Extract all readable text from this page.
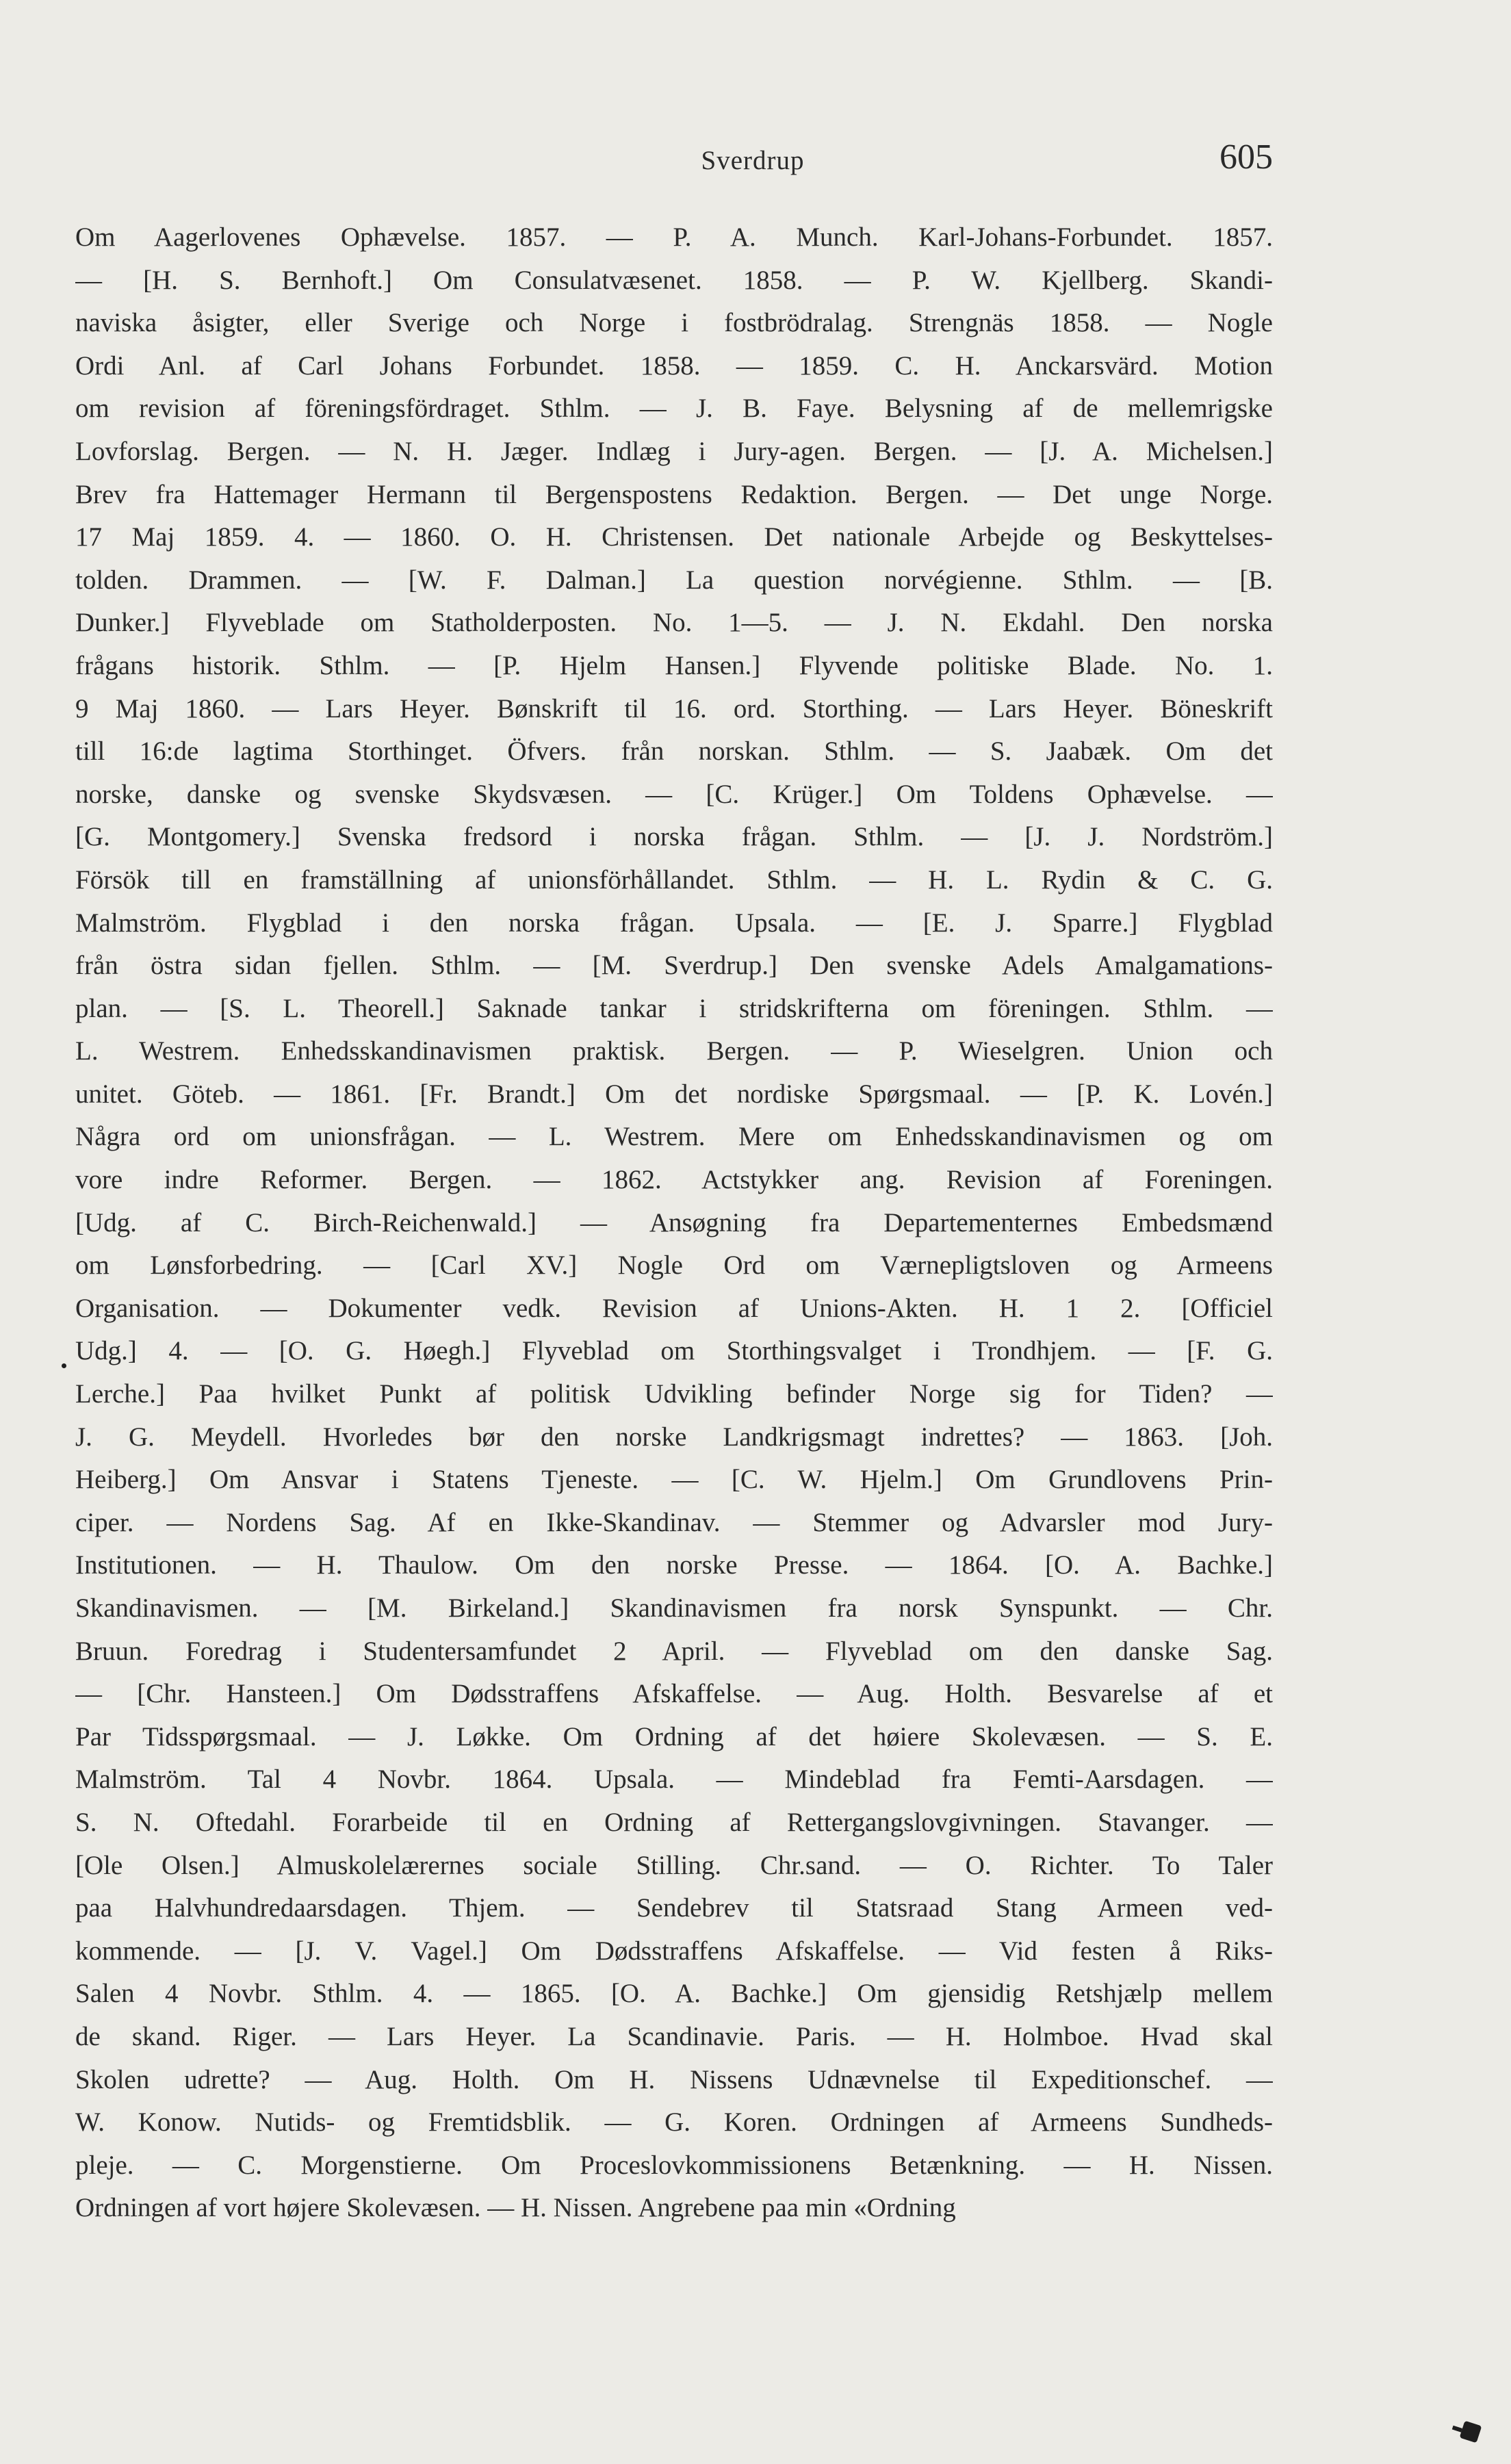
Sverdrup	605
Om Aagerlovenes Ophævelse. 1857. — P. A. Munch. Karl-Johans-Forbundet. 1857.
— [H. S. Bernhoft.] Om Consulatvæsenet. 1858. — P. W. Kjellberg. Skandi-
naviska åsigter, eller Sverige och Norge i fostbrödralag. Strengnäs 1858. — Nogle
Ordi Anl. af Carl Johans Forbundet. 1858. — 1859. C. H. Anckarsvärd. Motion
om revision af föreningsfördraget. Sthlm. — J. B. Faye. Belysning af de mellemrigske
Lovforslag. Bergen. — N. H. Jæger. Indlæg i Jury-agen. Bergen. — [J. A. Michelsen.]
Brev fra Hattemager Hermann til Bergenspostens Redaktion. Bergen. — Det unge Norge.
17 Maj 1859. 4. — 1860. O. H. Christensen. Det nationale Arbejde og Beskyttelses-
tolden. Drammen. — [W. F. Dalman.] La question norvégienne. Sthlm. — [B.
Dunker.] Flyveblade om Statholderposten. No. 1—5. — J. N. Ekdahl. Den norska
frågans historik. Sthlm. — [P. Hjelm Hansen.] Flyvende politiske Blade. No. 1.
9 Maj 1860. — Lars Heyer. Bønskrift til 16. ord. Storthing. — Lars Heyer. Böneskrift
till 16:de lagtima Storthinget. Öfvers. från norskan. Sthlm. — S. Jaabæk. Om det
norske, danske og svenske Skydsvæsen. — [C. Krüger.] Om Toldens Ophævelse. —
[G. Montgomery.] Svenska fredsord i norska frågan. Sthlm. — [J. J. Nordström.]
Försök till en framställning af unionsförhållandet. Sthlm. — H. L. Rydin & C. G.
Malmström. Flygblad i den norska frågan. Upsala. — [E. J. Sparre.] Flygblad
från östra sidan fjellen. Sthlm. — [M. Sverdrup.] Den svenske Adels Amalgamations-
plan. — [S. L. Theorell.] Saknade tankar i stridskrifterna om föreningen. Sthlm. —
L. Westrem. Enhedsskandinavismen praktisk. Bergen. — P. Wieselgren. Union och
unitet. Göteb. — 1861. [Fr. Brandt.] Om det nordiske Spørgsmaal. — [P. K. Lovén.]
Några ord om unionsfrågan. — L. Westrem. Mere om Enhedsskandinavismen og om
vore indre Reformer. Bergen. — 1862. Actstykker ang. Revision af Foreningen.
[Udg. af C. Birch-Reichenwald.] — Ansøgning fra Departementernes Embedsmænd
om Lønsforbedring. — [Carl XV.] Nogle Ord om Værnepligtsloven og Armeens
Organisation. — Dokumenter vedk. Revision af Unions-Akten. H. 1 2. [Officiel
Udg.] 4. — [O. G. Høegh.] Flyveblad om Storthingsvalget i Trondhjem. — [F. G.
Lerche.] Paa hvilket Punkt af politisk Udvikling befinder Norge sig for Tiden? —
J. G. Meydell. Hvorledes bør den norske Landkrigsmagt indrettes? — 1863. [Joh.
Heiberg.] Om Ansvar i Statens Tjeneste. — [C. W. Hjelm.] Om Grundlovens Prin-
ciper. — Nordens Sag. Af en Ikke-Skandinav. — Stemmer og Advarsler mod Jury-
Institutionen. — H. Thaulow. Om den norske Presse. — 1864. [O. A. Bachke.]
Skandinavismen. — [M. Birkeland.] Skandinavismen fra norsk Synspunkt. — Chr.
Bruun. Foredrag i Studentersamfundet 2 April. — Flyveblad om den danske Sag.
— [Chr. Hansteen.] Om Dødsstraffens Afskaffelse. — Aug. Holth. Besvarelse af et
Par Tidsspørgsmaal. — J. Løkke. Om Ordning af det høiere Skolevæsen. — S. E.
Malmström. Tal 4 Novbr. 1864. Upsala. — Mindeblad fra Femti-Aarsdagen. —
S. N. Oftedahl. Forarbeide til en Ordning af Rettergangslovgivningen. Stavanger. —
[Ole Olsen.] Almuskolelærernes sociale Stilling. Chr.sand. — O. Richter. To Taler
paa Halvhundredaarsdagen. Thjem. — Sendebrev til Statsraad Stang Armeen ved-
kommende. — [J. V. Vagel.] Om Dødsstraffens Afskaffelse. — Vid festen å Riks-
Salen 4 Novbr. Sthlm. 4. — 1865. [O. A. Bachke.] Om gjensidig Retshjælp mellem
de skand. Riger. — Lars Heyer. La Scandinavie. Paris. — H. Holmboe. Hvad skal
Skolen udrette? — Aug. Holth. Om H. Nissens Udnævnelse til Expeditionschef. —
W. Konow. Nutids- og Fremtidsblik. — G. Koren. Ordningen af Armeens Sundheds-
pleje. — C. Morgenstierne. Om Proceslovkommissionens Betænkning. — H. Nissen.
Ordningen af vort højere Skolevæsen. — H. Nissen. Angrebene paa min «Ordning
